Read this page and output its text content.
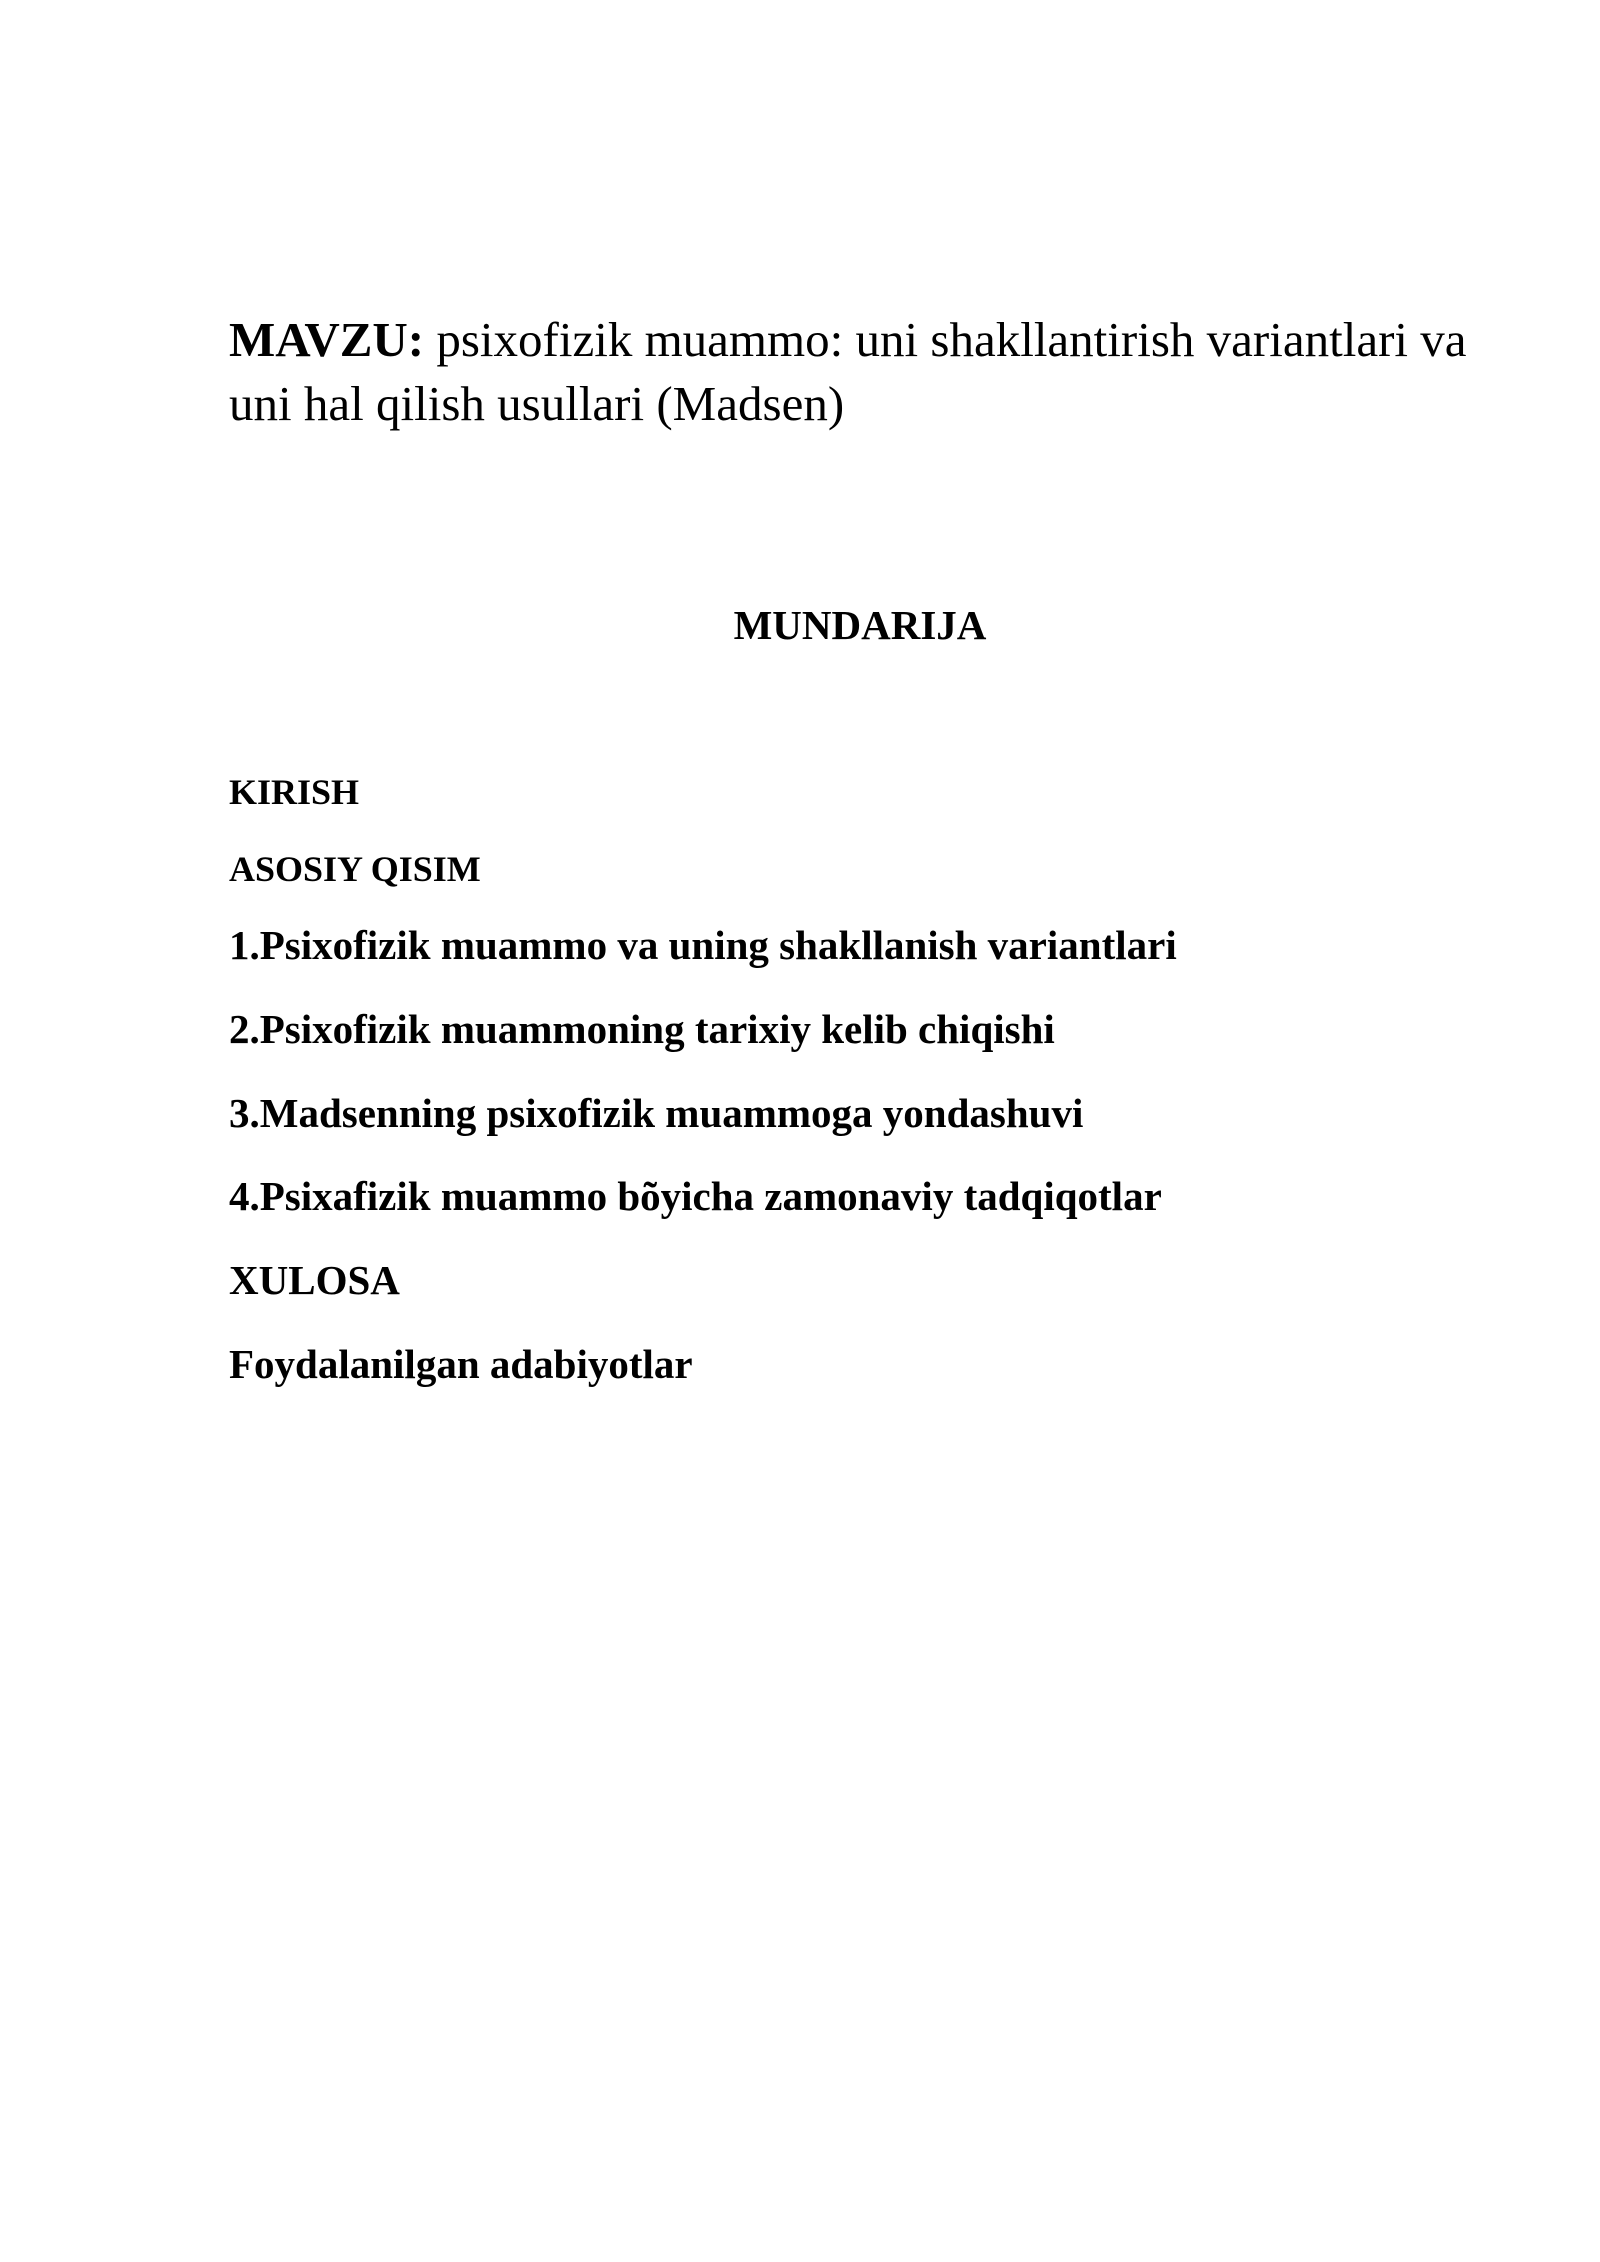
MAVZU: psixofizik muammo: uni shakllantirish variantlari va uni hal qilish usullari (Madsen)
MUNDARIJA
KIRISH
ASOSIY QISIM
1.Psixofizik muammo va uning shakllanish variantlari
2.Psixofizik muammoning tarixiy kelib chiqishi
3.Madsenning psixofizik muammoga yondashuvi
4.Psixafizik muammo bõyicha zamonaviy tadqiqotlar
XULOSA
Foydalanilgan adabiyotlar
